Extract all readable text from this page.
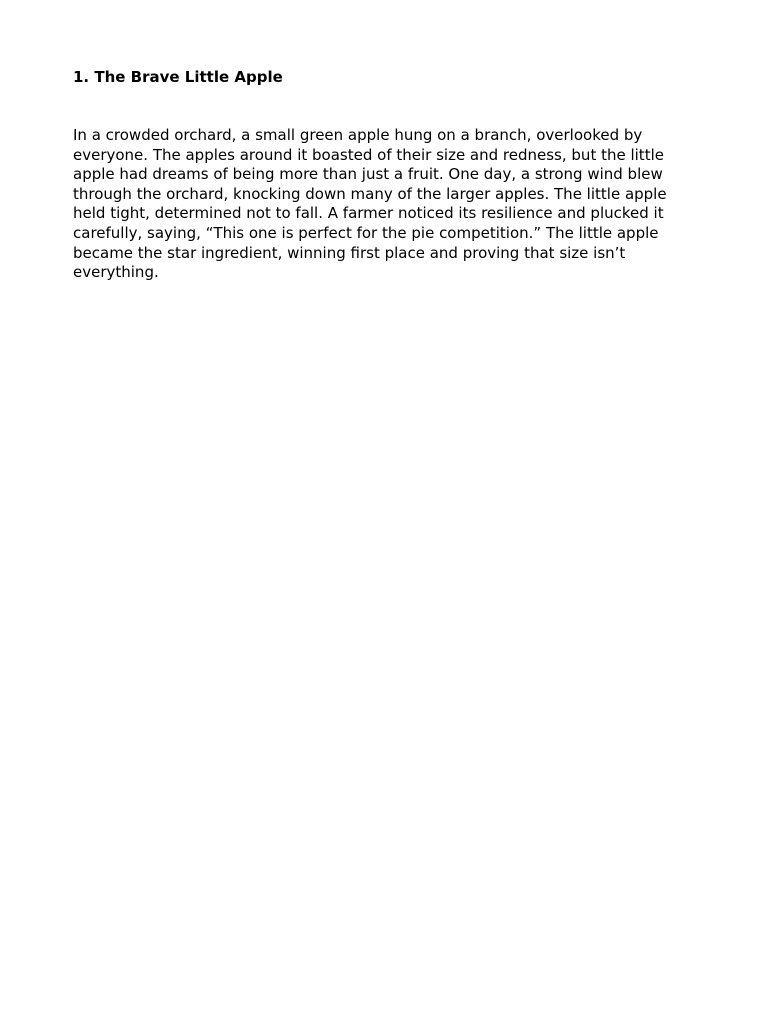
1. The Brave Little Apple

In a crowded orchard, a small green apple hung on a branch, overlooked by everyone. The apples around it boasted of their size and redness, but the little apple had dreams of being more than just a fruit. One day, a strong wind blew through the orchard, knocking down many of the larger apples. The little apple held tight, determined not to fall. A farmer noticed its resilience and plucked it carefully, saying, “This one is perfect for the pie competition.” The little apple became the star ingredient, winning first place and proving that size isn’t everything.
